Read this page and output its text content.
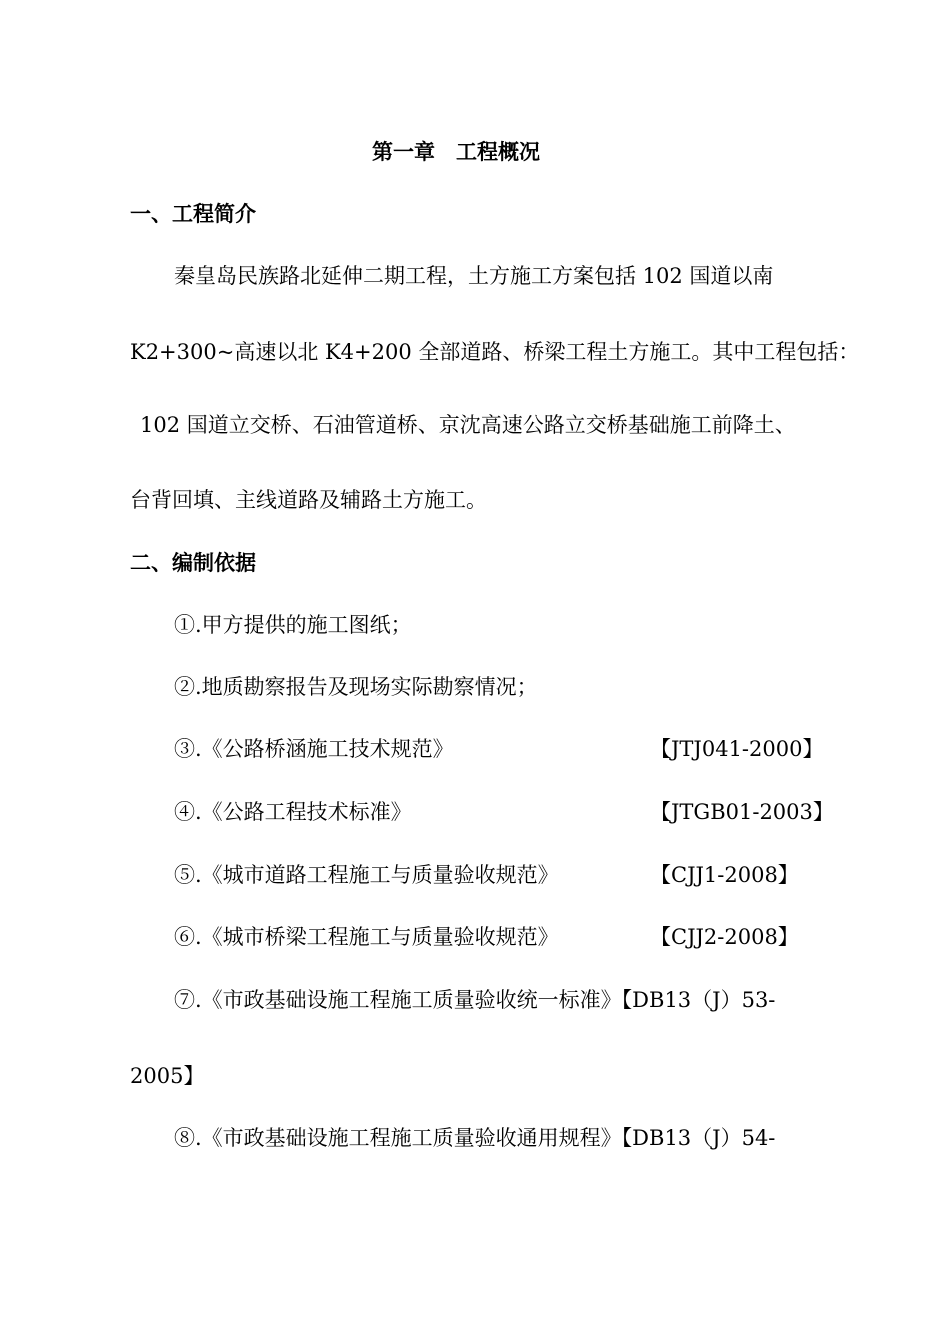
第一章　工程概况
一、工程简介
秦皇岛民族路北延伸二期工程，土方施工方案包括 102 国道以南
K2+300~高速以北 K4+200 全部道路、桥梁工程土方施工。其中工程包括：
102 国道立交桥、石油管道桥、京沈高速公路立交桥基础施工前降土、
台背回填、主线道路及辅路土方施工。
二、编制依据
①.甲方提供的施工图纸；
②.地质勘察报告及现场实际勘察情况；
③.《公路桥涵施工技术规范》	【JTJ041-2000】
④.《公路工程技术标准》	【JTGB01-2003】
⑤.《城市道路工程施工与质量验收规范》	【CJJ1-2008】
⑥.《城市桥梁工程施工与质量验收规范》	【CJJ2-2008】
⑦.《市政基础设施工程施工质量验收统一标准》【DB13（J）53-
2005】
⑧.《市政基础设施工程施工质量验收通用规程》【DB13（J）54-
